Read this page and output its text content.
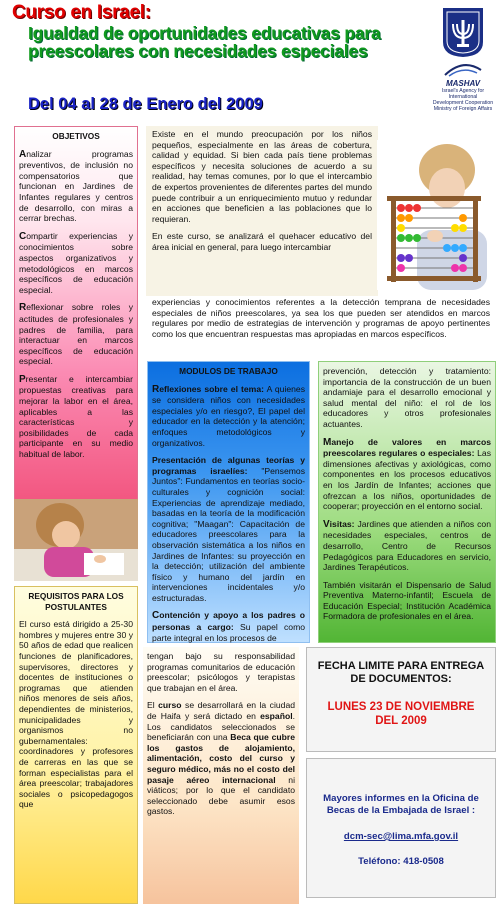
Curso en Israel:
Igualdad de oportunidades educativas para
preescolares con necesidades especiales
Del 04 al 28 de Enero del 2009
MASHAV
Israel's Agency for International
Development Cooperation
Ministry of Foreign Affairs

OBJETIVOS

Analizar programas preventivos, de inclusión no compensatorios que funcionan en Jardines de Infantes regulares y centros de desarrollo, con miras a cerrar brechas.

Compartir experiencias y conocimientos sobre aspectos organizativos y metodológicos en marcos específicos de educación especial.

Reflexionar sobre roles y actitudes de profesionales y padres de familia, para interactuar en marcos específicos de educación especial.

Presentar e intercambiar propuestas creativas para mejorar la labor en el área, aplicables a las características y posibilidades de cada participante en su medio habitual de labor.

Existe en el mundo preocupación por los niños pequeños, especialmente en las áreas de cobertura, calidad y equidad. Si bien cada país tiene problemas específicos y necesita soluciones de acuerdo a su realidad, hay temas comunes, por lo que el intercambio de expertos provenientes de diferentes partes del mundo puede contribuir a un enriquecimiento mutuo y redundar en acciones que beneficien a las poblaciones que lo requieran.

En este curso, se analizará el quehacer educativo del área inicial en general, para luego intercambiar

experiencias y conocimientos referentes a la detección temprana de necesidades especiales de niños preescolares, ya sea los que pueden ser atendidos en marcos regulares por medio de estrategias de intervención y programas de apoyo pertinentes como los que encuentran respuestas mas apropiadas en marcos específicos.

MODULOS DE TRABAJO

Reflexiones sobre el tema: A quienes se considera niños con necesidades especiales y/o en riesgo?, El papel del educador en la detección y la atención; enfoques metodológicos y organizativos.

Presentación de algunas teorías y programas israelíes: "Pensemos Juntos": Fundamentos en teorías socio-culturales y cognición social: Experiencias de aprendizaje mediado, basadas en la teoría de la modificación cognitiva; "Maagan": Capacitación de educadores preescolares para la observación sistemática a los niños en Jardines de Infantes: su proyección en la detección; utilización del ambiente físico y humano del jardín en intervenciones incidentales y/o estructuradas.

Contención y apoyo a los padres o personas a cargo: Su papel como parte integral en los procesos de

prevención, detección y tratamiento: importancia de la construcción de un buen andamiaje para el desarrollo emocional y salud mental del niño: el rol de los educadores y otros profesionales actuantes.

Manejo de valores en marcos preescolares regulares o especiales: Las dimensiones afectivas y axiológicas, como componentes en los procesos educativos en los Jardín de Infantes; acciones que ofrezcan a los niños, oportunidades de cooperar; proyección en el entorno social.

Visitas: Jardines que atienden a niños con necesidades especiales, centros de desarrollo, Centro de Recursos Pedagógicos para Educadores en servicio, Jardines Terapéuticos.

También visitarán el Dispensario de Salud Preventiva Materno-infantil; Escuela de Educación Especial; Institución Académica Formadora de profesionales en el área.

REQUISITOS PARA LOS POSTULANTES

El curso está dirigido a 25-30 hombres y mujeres entre 30 y 50 años de edad que realicen funciones de planificadores, supervisores, directores y docentes de instituciones o programas que atienden niños menores de seis años, dependientes de ministerios, municipalidades y organismos no gubernamentales: coordinadores y profesores de carreras en las que se forman especialistas para el área preescolar; trabajadores sociales o psicopedagogos que

tengan bajo su responsabilidad programas comunitarios de educación preescolar; psicólogos y terapistas que trabajan en el área.

El curso se desarrollará en la ciudad de Haifa y será dictado en español. Los candidatos seleccionados se beneficiarán con una Beca que cubre los gastos de alojamiento, alimentación, costo del curso y seguro médico, más no el costo del pasaje aéreo internacional ni viáticos; por lo que el candidato seleccionado debe asumir esos gastos.

FECHA LIMITE PARA ENTREGA
DE DOCUMENTOS:
LUNES 23 DE NOVIEMBRE
DEL 2009
Mayores informes en la Oficina de
Becas de la Embajada de Israel :
dcm-sec@lima.mfa.gov.il
Teléfono: 418-0508
